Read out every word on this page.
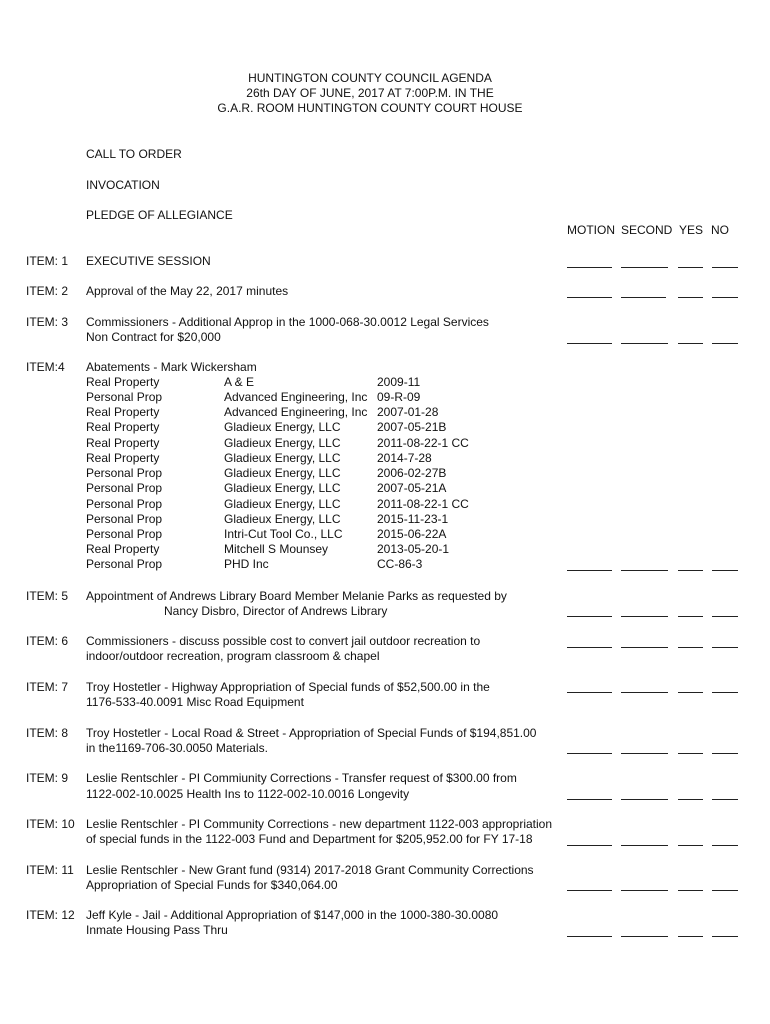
HUNTINGTON COUNTY COUNCIL AGENDA
26th DAY OF JUNE, 2017 AT 7:00P.M. IN THE
G.A.R. ROOM HUNTINGTON COUNTY COURT HOUSE
CALL TO ORDER
INVOCATION
PLEDGE OF ALLEGIANCE
MOTION SECOND YES NO
ITEM: 1 EXECUTIVE SESSION
ITEM: 2 Approval of the May 22, 2017 minutes
ITEM: 3 Commissioners - Additional Approp in the 1000-068-30.0012 Legal Services
Non Contract for $20,000
ITEM:4 Abatements - Mark Wickersham
Real Property	A & E	2009-11
Personal Prop	Advanced Engineering, Inc 09-R-09
Real Property	Advanced Engineering, Inc 2007-01-28
Real Property	Gladieux Energy, LLC	2007-05-21B
Real Property	Gladieux Energy, LLC	2011-08-22-1 CC
Real Property	Gladieux Energy, LLC	2014-7-28
Personal Prop	Gladieux Energy, LLC	2006-02-27B
Personal Prop	Gladieux Energy, LLC	2007-05-21A
Personal Prop	Gladieux Energy, LLC	2011-08-22-1 CC
Personal Prop	Gladieux Energy, LLC	2015-11-23-1
Personal Prop	Intri-Cut Tool Co., LLC	2015-06-22A
Real Property	Mitchell S Mounsey	2013-05-20-1
Personal Prop	PHD Inc	CC-86-3
ITEM: 5 Appointment of Andrews Library Board Member Melanie Parks as requested by
Nancy Disbro, Director of Andrews Library
ITEM: 6 Commissioners - discuss possible cost to convert jail outdoor recreation to
indoor/outdoor recreation, program classroom & chapel
ITEM: 7 Troy Hostetler - Highway Appropriation of Special funds of $52,500.00 in the
1176-533-40.0091 Misc Road Equipment
ITEM: 8 Troy Hostetler - Local Road & Street - Appropriation of Special Funds of $194,851.00
in the1169-706-30.0050 Materials.
ITEM: 9 Leslie Rentschler - PI Commiunity Corrections - Transfer request of $300.00 from
1122-002-10.0025 Health Ins to 1122-002-10.0016 Longevity
ITEM: 10 Leslie Rentschler - PI Community Corrections - new department 1122-003 appropriation
of special funds in the 1122-003 Fund and Department for $205,952.00 for FY 17-18
ITEM: 11 Leslie Rentschler - New Grant fund (9314) 2017-2018 Grant Community Corrections
Appropriation of Special Funds for $340,064.00
ITEM: 12 Jeff Kyle - Jail - Additional Appropriation of $147,000 in the 1000-380-30.0080
Inmate Housing Pass Thru
